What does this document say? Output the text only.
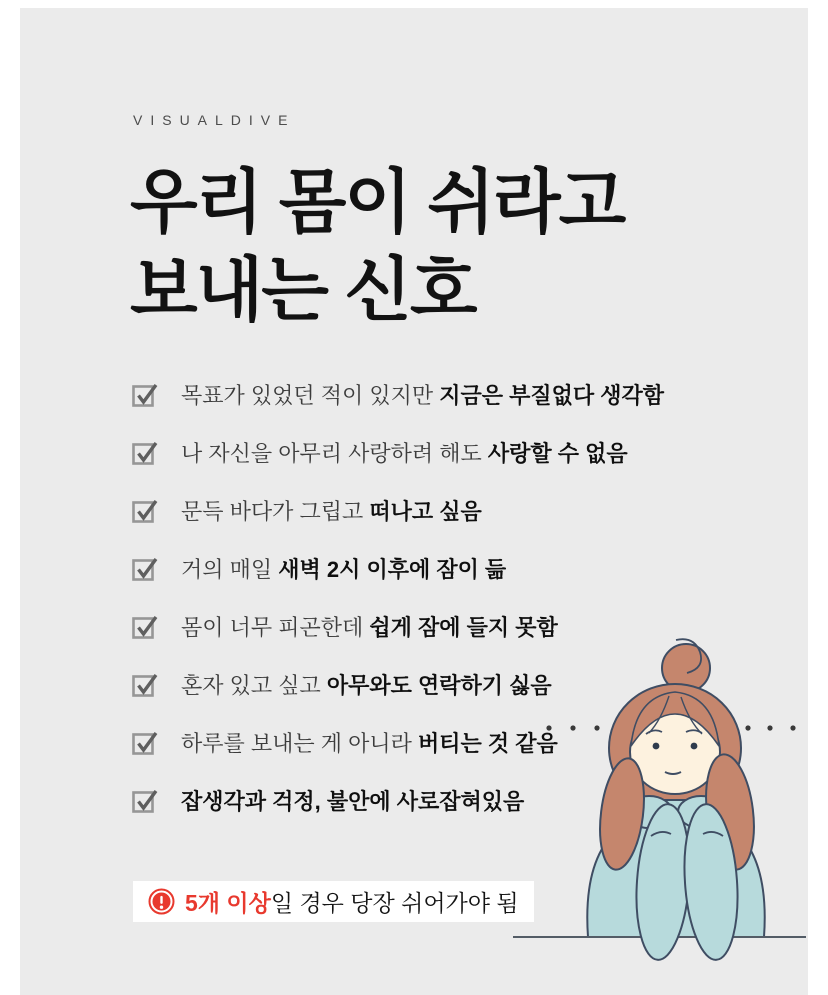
VISUALDIVE
우리 몸이 쉬라고
보내는 신호
목표가 있었던 적이 있지만 지금은 부질없다 생각함
나 자신을 아무리 사랑하려 해도 사랑할 수 없음
문득 바다가 그립고 떠나고 싶음
거의 매일 새벽 2시 이후에 잠이 듦
몸이 너무 피곤한데 쉽게 잠에 들지 못함
혼자 있고 싶고 아무와도 연락하기 싫음
하루를 보내는 게 아니라 버티는 것 같음
잡생각과 걱정, 불안에 사로잡혀있음
5개 이상일 경우 당장 쉬어가야 됨
